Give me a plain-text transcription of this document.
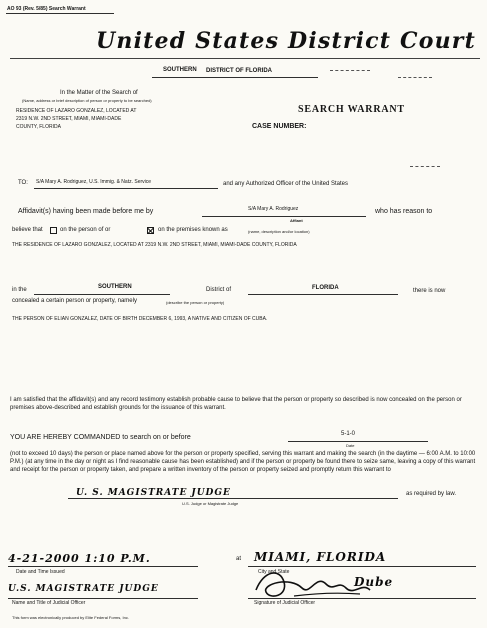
AO 93 (Rev. 5/85) Search Warrant
United States District Court
SOUTHERN DISTRICT OF FLORIDA
In the Matter of the Search of
(Name, address or brief description of person or property to be searched)
RESIDENCE OF LAZARO GONZALEZ, LOCATED AT
2319 N.W. 2ND STREET, MIAMI, MIAMI-DADE
COUNTY, FLORIDA
SEARCH WARRANT
CASE NUMBER:
TO: S/A Mary A. Rodriguez, U.S. Immig. & Natz. Service	and any Authorized Officer of the United States
Affidavit(s) having been made before me by	S/A Mary A. Rodriguez
Affiant
who has reason to
believe that	on the person of or	on the premises known as	(name, description and/or location)
THE RESIDENCE OF LAZARO GONZALEZ, LOCATED AT 2319 N.W. 2ND STREET, MIAMI, MIAMI-DADE COUNTY, FLORIDA
in the	SOUTHERN	District of	FLORIDA	there is now
concealed a certain person or property, namely	(describe the person or property)
THE PERSON OF ELIAN GONZALEZ, DATE OF BIRTH DECEMBER 6, 1993, A NATIVE AND CITIZEN OF CUBA.
I am satisfied that the affidavit(s) and any record testimony establish probable cause to believe that the person or property so described is now concealed on the person or premises above-described and establish grounds for the issuance of this warrant.
YOU ARE HEREBY COMMANDED to search on or before	5-1-0
Date
(not to exceed 10 days) the person or place named above for the person or property specified, serving this warrant and making the search (in the daytime — 6:00 A.M. to 10:00 P.M.) (at any time in the day or night as I find reasonable cause has been established) and if the person or property be found there to seize same, leaving a copy of this warrant and receipt for the person or property taken, and prepare a written inventory of the person or property seized and promptly return this warrant to
U. S. MAGISTRATE JUDGE
U.S. Judge or Magistrate Judge
as required by law.
4-21-2000 1:10 P.M.
Date and Time Issued
at MIAMI, FLORIDA
City and State
U.S. MAGISTRATE JUDGE
Name and Title of Judicial Officer
Dube
Signature of Judicial Officer
This form was electronically produced by Elite Federal Forms, Inc.
